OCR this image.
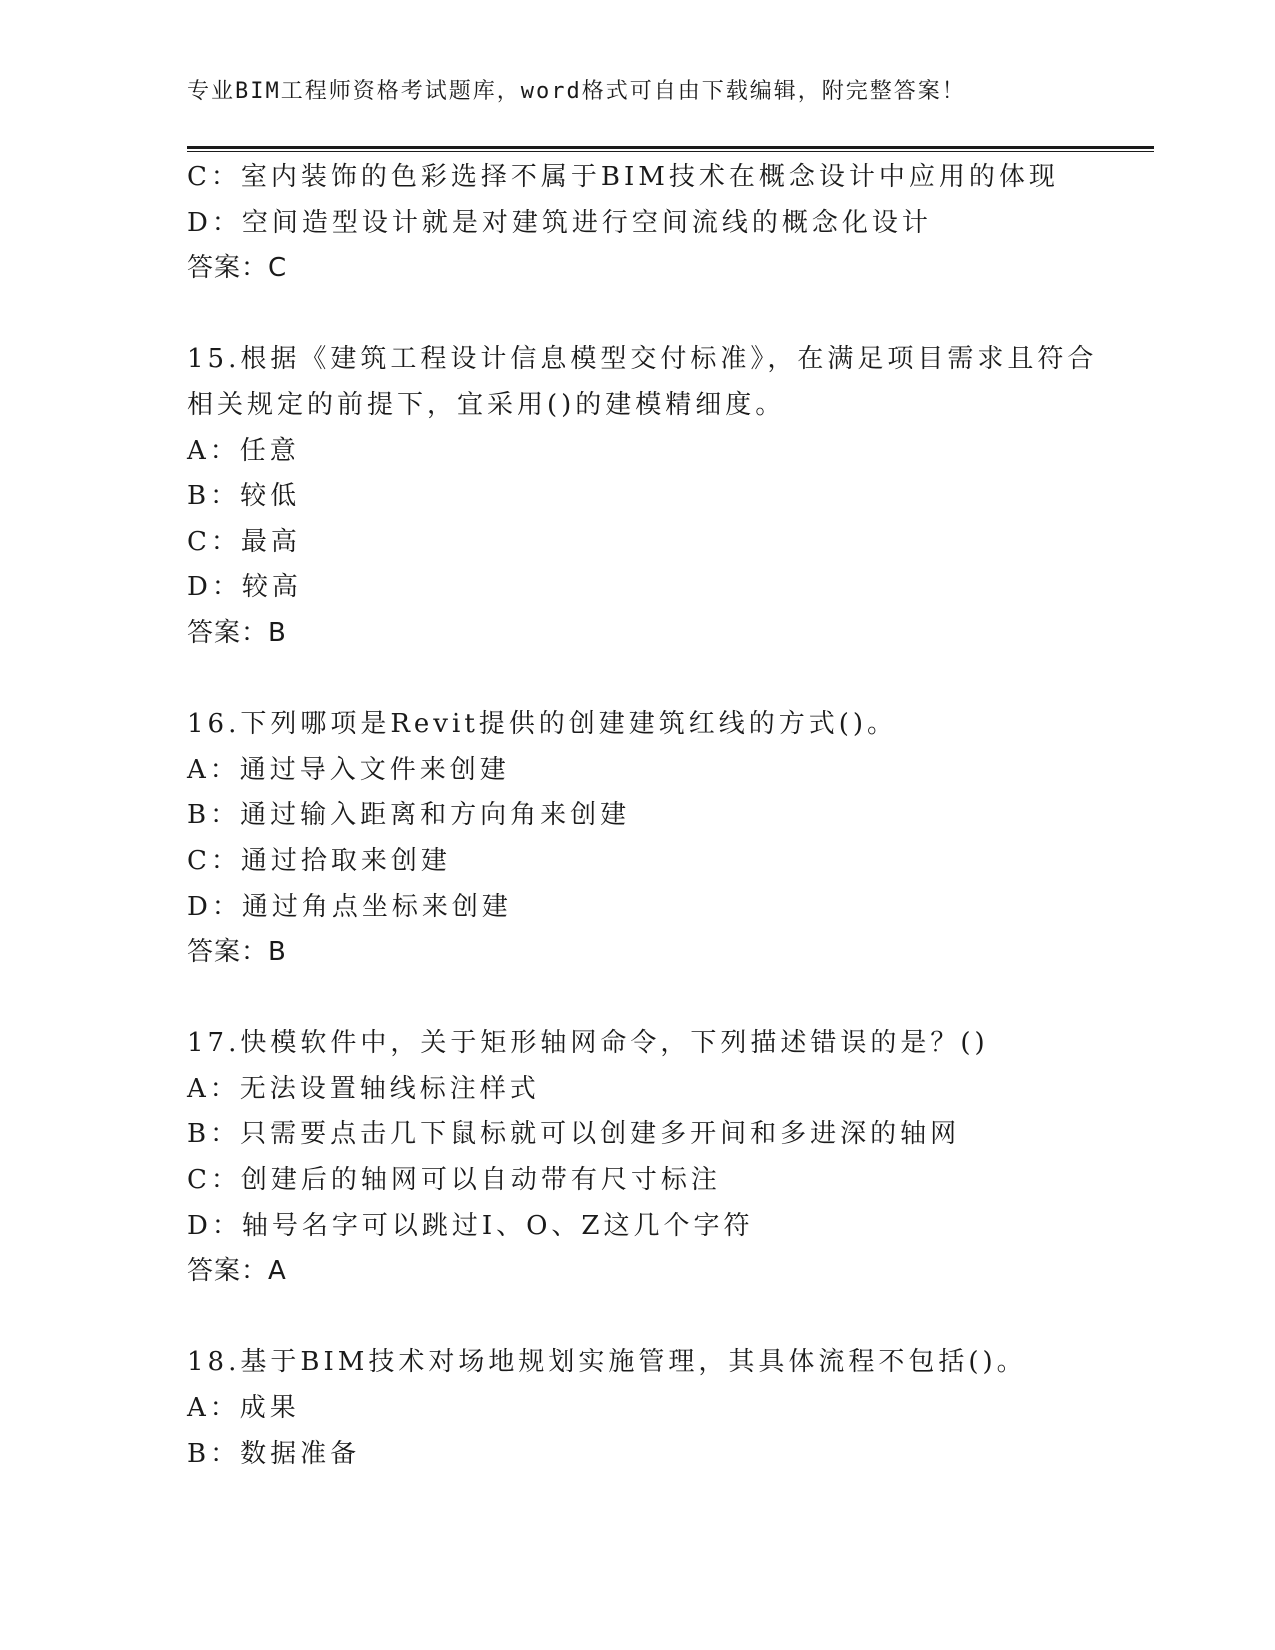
专业BIM工程师资格考试题库，word格式可自由下载编辑，附完整答案！
C：室内装饰的色彩选择不属于BIM技术在概念设计中应用的体现
D：空间造型设计就是对建筑进行空间流线的概念化设计
答案：C
15.根据《建筑工程设计信息模型交付标准》，在满足项目需求且符合
相关规定的前提下，宜采用()的建模精细度。
A：任意
B：较低
C：最高
D：较高
答案：B
16.下列哪项是Revit提供的创建建筑红线的方式()。
A：通过导入文件来创建
B：通过输入距离和方向角来创建
C：通过拾取来创建
D：通过角点坐标来创建
答案：B
17.快模软件中，关于矩形轴网命令，下列描述错误的是？()
A：无法设置轴线标注样式
B：只需要点击几下鼠标就可以创建多开间和多进深的轴网
C：创建后的轴网可以自动带有尺寸标注
D：轴号名字可以跳过I、O、Z这几个字符
答案：A
18.基于BIM技术对场地规划实施管理，其具体流程不包括()。
A：成果
B：数据准备
